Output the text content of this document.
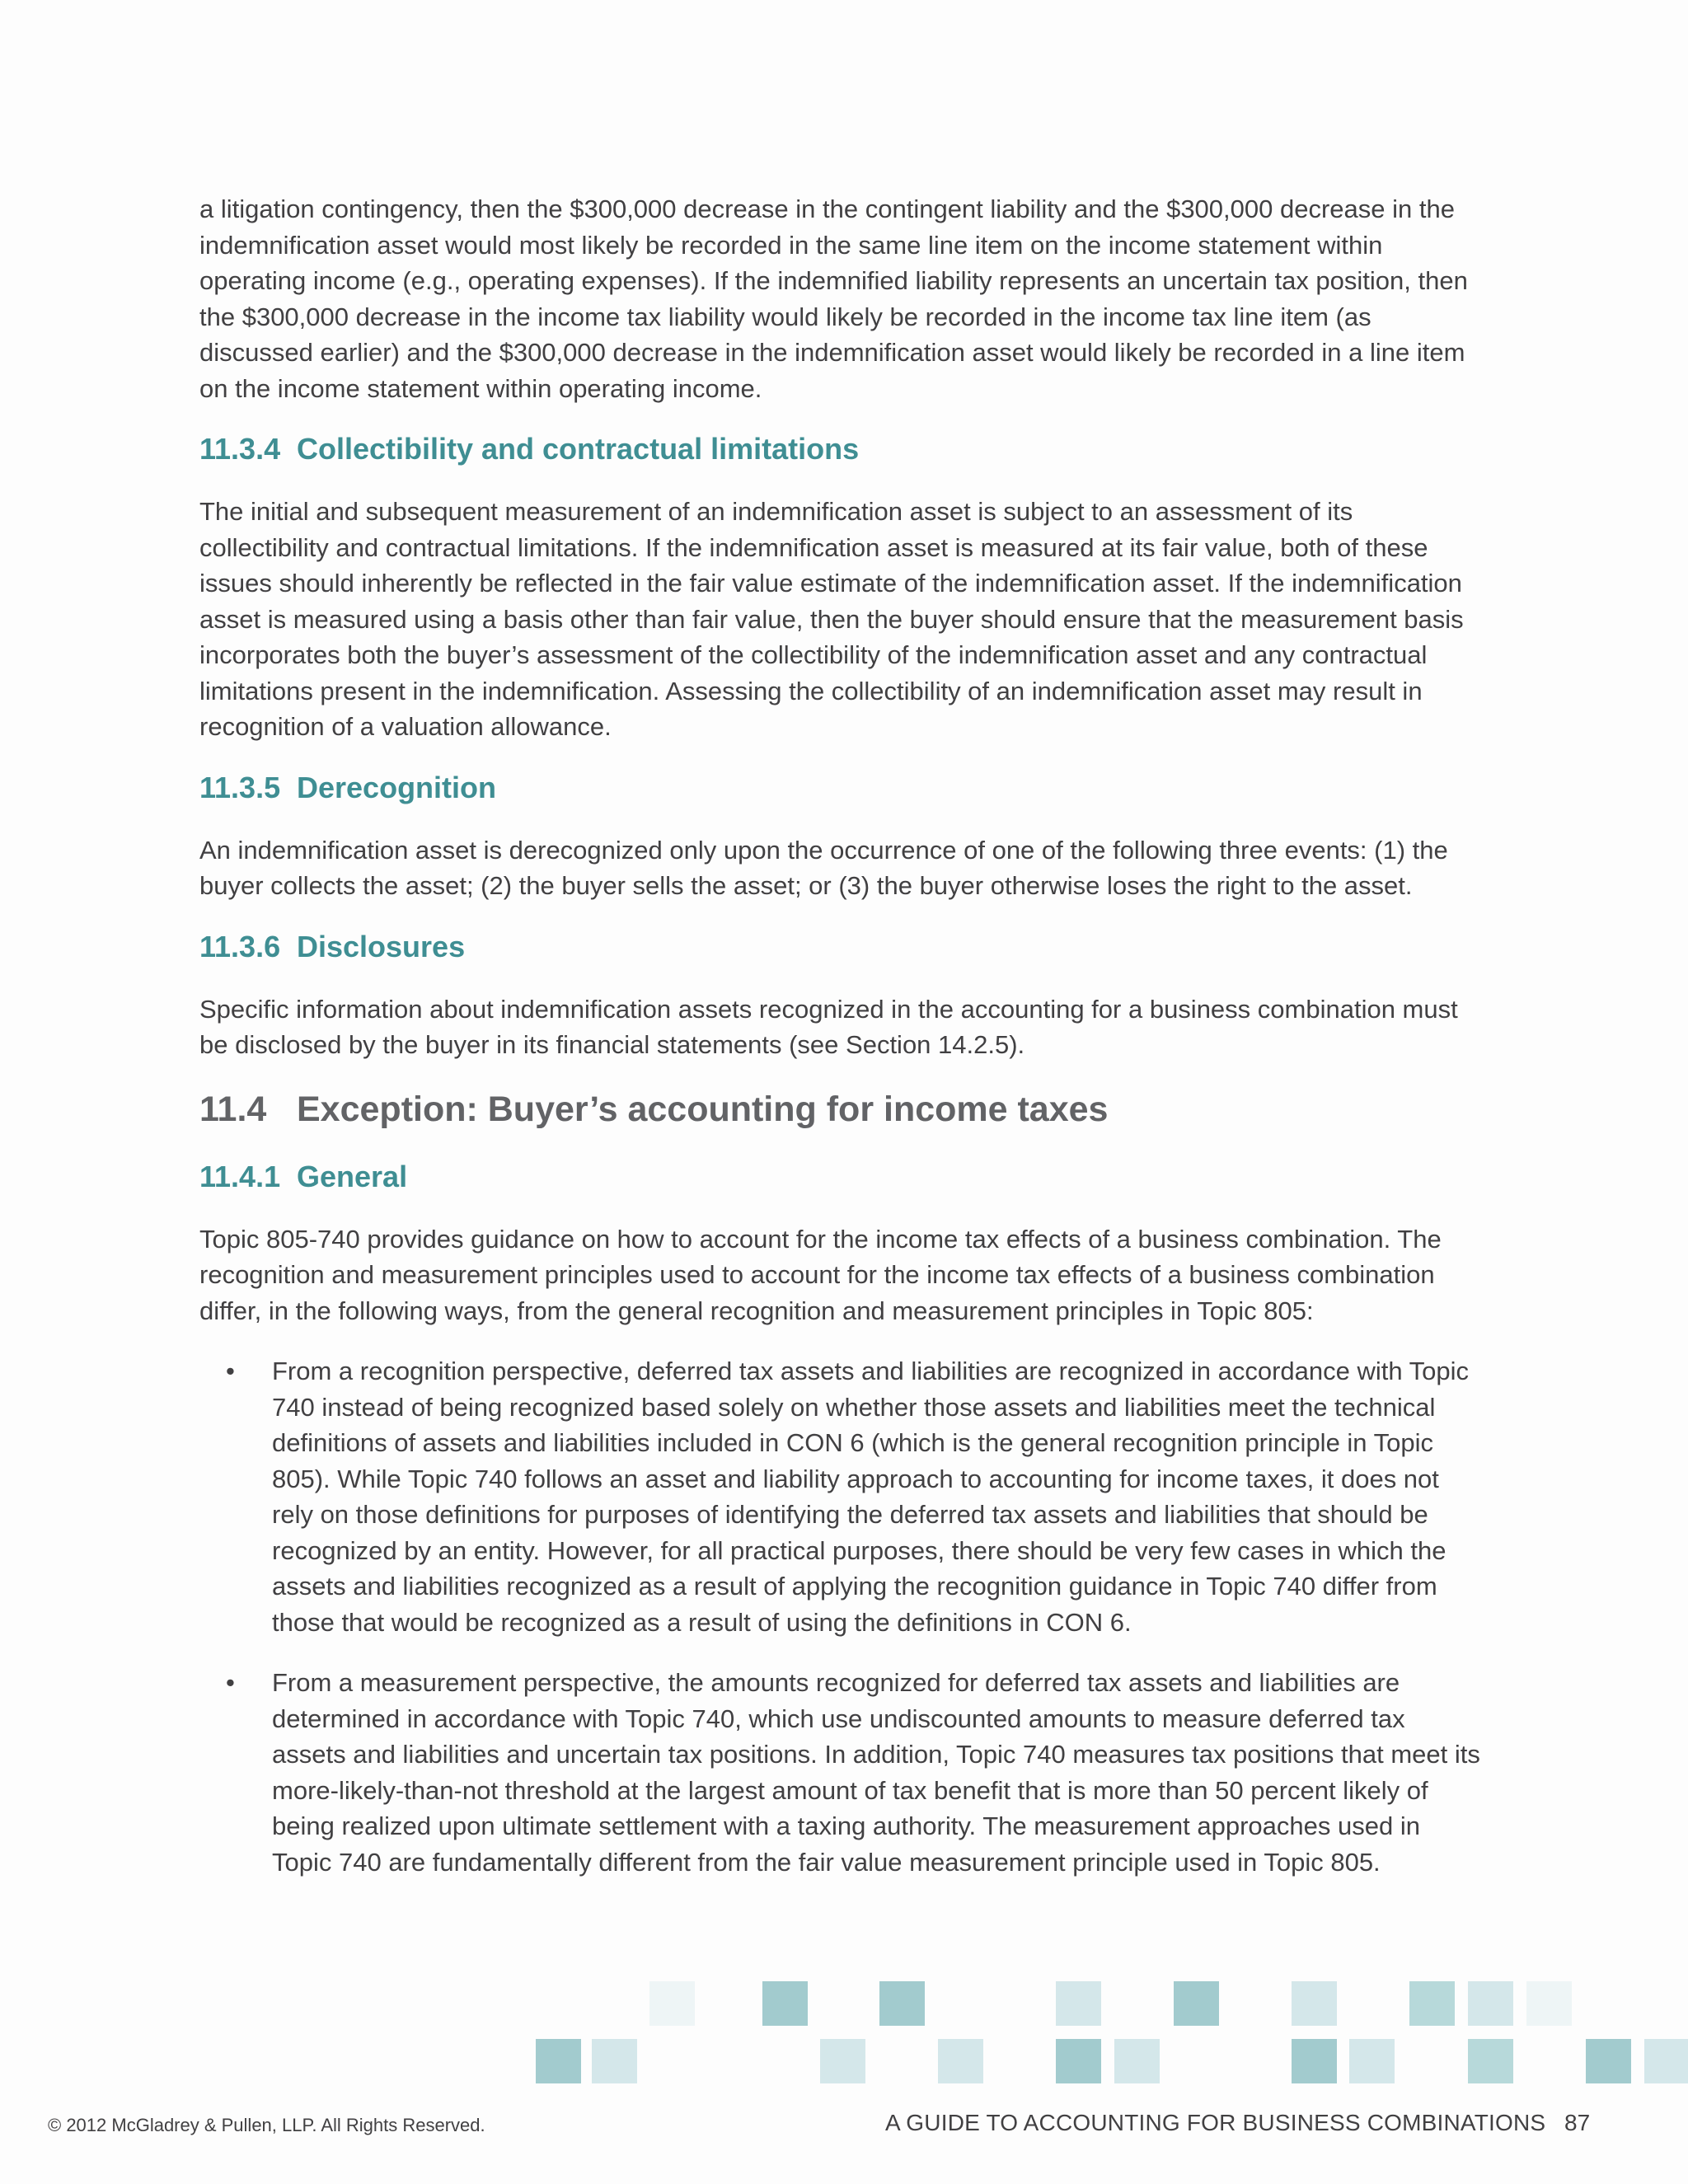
a litigation contingency, then the $300,000 decrease in the contingent liability and the $300,000 decrease in the indemnification asset would most likely be recorded in the same line item on the income statement within operating income (e.g., operating expenses). If the indemnified liability represents an uncertain tax position, then the $300,000 decrease in the income tax liability would likely be recorded in the income tax line item (as discussed earlier) and the $300,000 decrease in the indemnification asset would likely be recorded in a line item on the income statement within operating income.

11.3.4 Collectibility and contractual limitations

The initial and subsequent measurement of an indemnification asset is subject to an assessment of its collectibility and contractual limitations. If the indemnification asset is measured at its fair value, both of these issues should inherently be reflected in the fair value estimate of the indemnification asset. If the indemnification asset is measured using a basis other than fair value, then the buyer should ensure that the measurement basis incorporates both the buyer’s assessment of the collectibility of the indemnification asset and any contractual limitations present in the indemnification. Assessing the collectibility of an indemnification asset may result in recognition of a valuation allowance.

11.3.5 Derecognition

An indemnification asset is derecognized only upon the occurrence of one of the following three events: (1) the buyer collects the asset; (2) the buyer sells the asset; or (3) the buyer otherwise loses the right to the asset.

11.3.6 Disclosures

Specific information about indemnification assets recognized in the accounting for a business combination must be disclosed by the buyer in its financial statements (see Section 14.2.5).

11.4 Exception: Buyer’s accounting for income taxes
11.4.1 General

Topic 805-740 provides guidance on how to account for the income tax effects of a business combination. The recognition and measurement principles used to account for the income tax effects of a business combination differ, in the following ways, from the general recognition and measurement principles in Topic 805:

• From a recognition perspective, deferred tax assets and liabilities are recognized in accordance with Topic 740 instead of being recognized based solely on whether those assets and liabilities meet the technical definitions of assets and liabilities included in CON 6 (which is the general recognition principle in Topic 805). While Topic 740 follows an asset and liability approach to accounting for income taxes, it does not rely on those definitions for purposes of identifying the deferred tax assets and liabilities that should be recognized by an entity. However, for all practical purposes, there should be very few cases in which the assets and liabilities recognized as a result of applying the recognition guidance in Topic 740 differ from those that would be recognized as a result of using the definitions in CON 6.
• From a measurement perspective, the amounts recognized for deferred tax assets and liabilities are determined in accordance with Topic 740, which use undiscounted amounts to measure deferred tax assets and liabilities and uncertain tax positions. In addition, Topic 740 measures tax positions that meet its more-likely-than-not threshold at the largest amount of tax benefit that is more than 50 percent likely of being realized upon ultimate settlement with a taxing authority. The measurement approaches used in Topic 740 are fundamentally different from the fair value measurement principle used in Topic 805.
© 2012 McGladrey & Pullen, LLP. All Rights Reserved.	A GUIDE TO ACCOUNTING FOR BUSINESS COMBINATIONS 87
